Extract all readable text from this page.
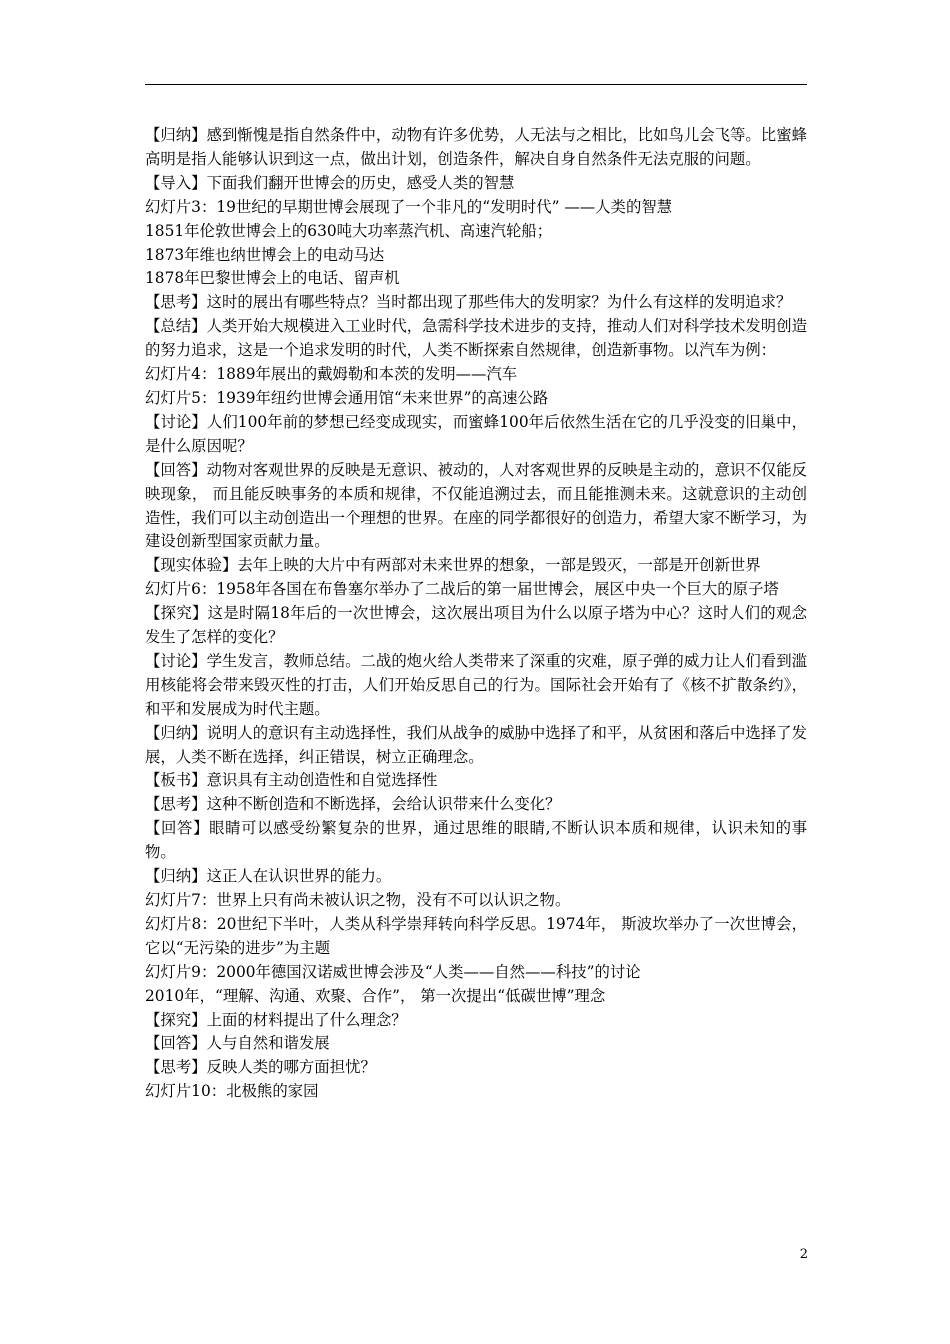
【归纳】感到惭愧是指自然条件中，动物有许多优势，人无法与之相比，比如鸟儿会飞等。比蜜蜂高明是指人能够认识到这一点，做出计划，创造条件，解决自身自然条件无法克服的问题。

【导入】下面我们翻开世博会的历史，感受人类的智慧

幻灯片3：19世纪的早期世博会展现了一个非凡的“发明时代” ——人类的智慧

1851年伦敦世博会上的630吨大功率蒸汽机、高速汽轮船；

1873年维也纳世博会上的电动马达

1878年巴黎世博会上的电话、留声机

【思考】这时的展出有哪些特点？当时都出现了那些伟大的发明家？为什么有这样的发明追求？

【总结】人类开始大规模进入工业时代，急需科学技术进步的支持，推动人们对科学技术发明创造的努力追求，这是一个追求发明的时代，人类不断探索自然规律，创造新事物。以汽车为例：

幻灯片4：1889年展出的戴姆勒和本茨的发明——汽车

幻灯片5：1939年纽约世博会通用馆“未来世界”的高速公路

【讨论】人们100年前的梦想已经变成现实，而蜜蜂100年后依然生活在它的几乎没变的旧巢中，是什么原因呢？

【回答】动物对客观世界的反映是无意识、被动的，人对客观世界的反映是主动的，意识不仅能反映现象， 而且能反映事务的本质和规律，不仅能追溯过去，而且能推测未来。这就意识的主动创造性，我们可以主动创造出一个理想的世界。在座的同学都很好的创造力，希望大家不断学习，为建设创新型国家贡献力量。

【现实体验】去年上映的大片中有两部对未来世界的想象，一部是毁灭，一部是开创新世界

幻灯片6：1958年各国在布鲁塞尔举办了二战后的第一届世博会，展区中央一个巨大的原子塔

【探究】这是时隔18年后的一次世博会，这次展出项目为什么以原子塔为中心？这时人们的观念发生了怎样的变化？

【讨论】学生发言，教师总结。二战的炮火给人类带来了深重的灾难，原子弹的威力让人们看到滥用核能将会带来毁灭性的打击，人们开始反思自己的行为。国际社会开始有了《核不扩散条约》，和平和发展成为时代主题。

【归纳】说明人的意识有主动选择性，我们从战争的威胁中选择了和平，从贫困和落后中选择了发展，人类不断在选择，纠正错误，树立正确理念。

【板书】意识具有主动创造性和自觉选择性

【思考】这种不断创造和不断选择，会给认识带来什么变化？

【回答】眼睛可以感受纷繁复杂的世界，通过思维的眼睛,不断认识本质和规律，认识未知的事物。

【归纳】这正人在认识世界的能力。

幻灯片7：世界上只有尚未被认识之物，没有不可以认识之物。

幻灯片8：20世纪下半叶，人类从科学崇拜转向科学反思。1974年， 斯波坎举办了一次世博会，它以“无污染的进步”为主题

幻灯片9：2000年德国汉诺威世博会涉及“人类——自然——科技”的讨论

2010年，“理解、沟通、欢聚、合作”， 第一次提出“低碳世博”理念

【探究】上面的材料提出了什么理念？

【回答】人与自然和谐发展

【思考】反映人类的哪方面担忧？

幻灯片10：北极熊的家园

2
